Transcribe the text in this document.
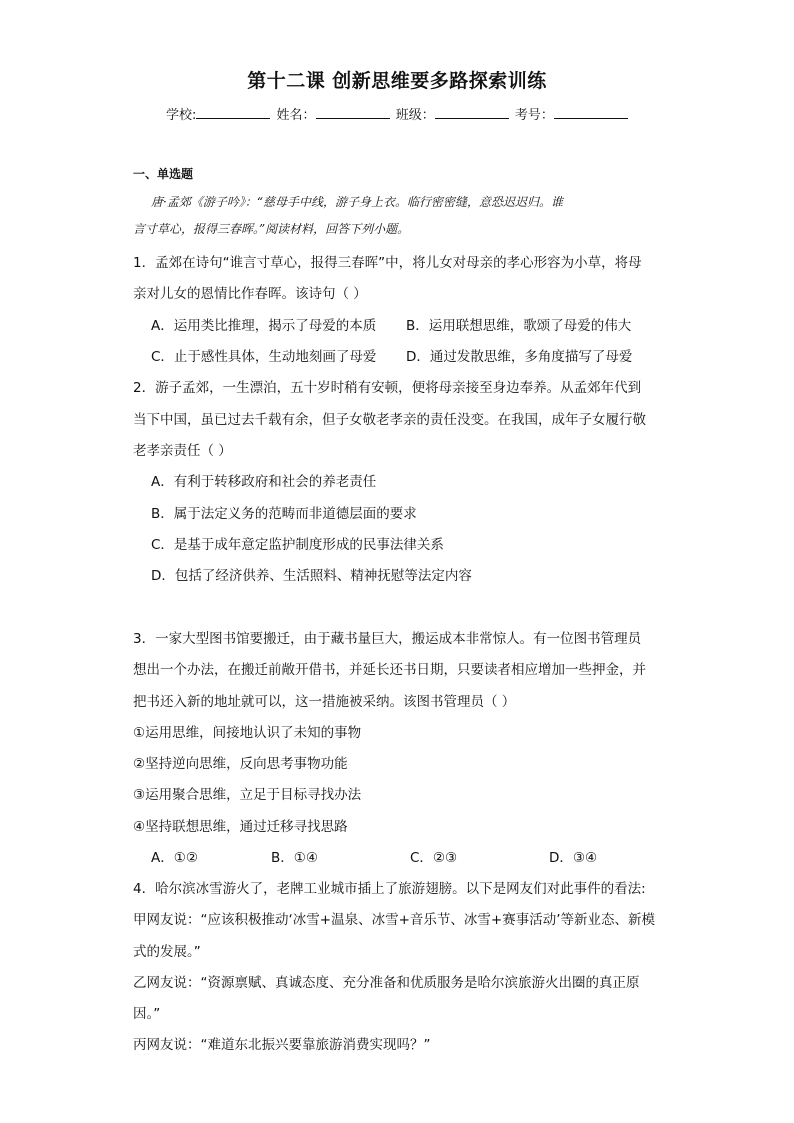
第十二课 创新思维要多路探索训练
学校:	姓名：	班级：	考号：
一、单选题
唐·孟郊《游子吟》：“慈母手中线，游子身上衣。临行密密缝，意恐迟迟归。谁
言寸草心，报得三春晖。”阅读材料，回答下列小题。
1．孟郊在诗句“谁言寸草心，报得三春晖”中，将儿女对母亲的孝心形容为小草，将母
亲对儿女的恩情比作春晖。该诗句（ ）
A．运用类比推理，揭示了母爱的本质 B．运用联想思维，歌颂了母爱的伟大
C．止于感性具体，生动地刻画了母爱 D．通过发散思维，多角度描写了母爱
2．游子孟郊，一生漂泊，五十岁时稍有安顿，便将母亲接至身边奉养。从孟郊年代到
当下中国，虽已过去千载有余，但子女敬老孝亲的责任没变。在我国，成年子女履行敬
老孝亲责任（ ）
A．有利于转移政府和社会的养老责任
B．属于法定义务的范畴而非道德层面的要求
C．是基于成年意定监护制度形成的民事法律关系
D．包括了经济供养、生活照料、精神抚慰等法定内容
3．一家大型图书馆要搬迁，由于藏书量巨大，搬运成本非常惊人。有一位图书管理员
想出一个办法，在搬迁前敞开借书，并延长还书日期，只要读者相应增加一些押金，并
把书还入新的地址就可以，这一措施被采纳。该图书管理员（ ）
①运用思维，间接地认识了未知的事物
②坚持逆向思维，反向思考事物功能
③运用聚合思维，立足于目标寻找办法
④坚持联想思维，通过迁移寻找思路
A．①②	B．①④	C．②③	D．③④
4．哈尔滨冰雪游火了，老牌工业城市插上了旅游翅膀。以下是网友们对此事件的看法:
甲网友说：“应该积极推动‘冰雪+温泉、冰雪+音乐节、冰雪+赛事活动’等新业态、新模
式的发展。”
乙网友说：“资源禀赋、真诚态度、充分准备和优质服务是哈尔滨旅游火出圈的真正原
因。”
丙网友说：“难道东北振兴要靠旅游消费实现吗？”
